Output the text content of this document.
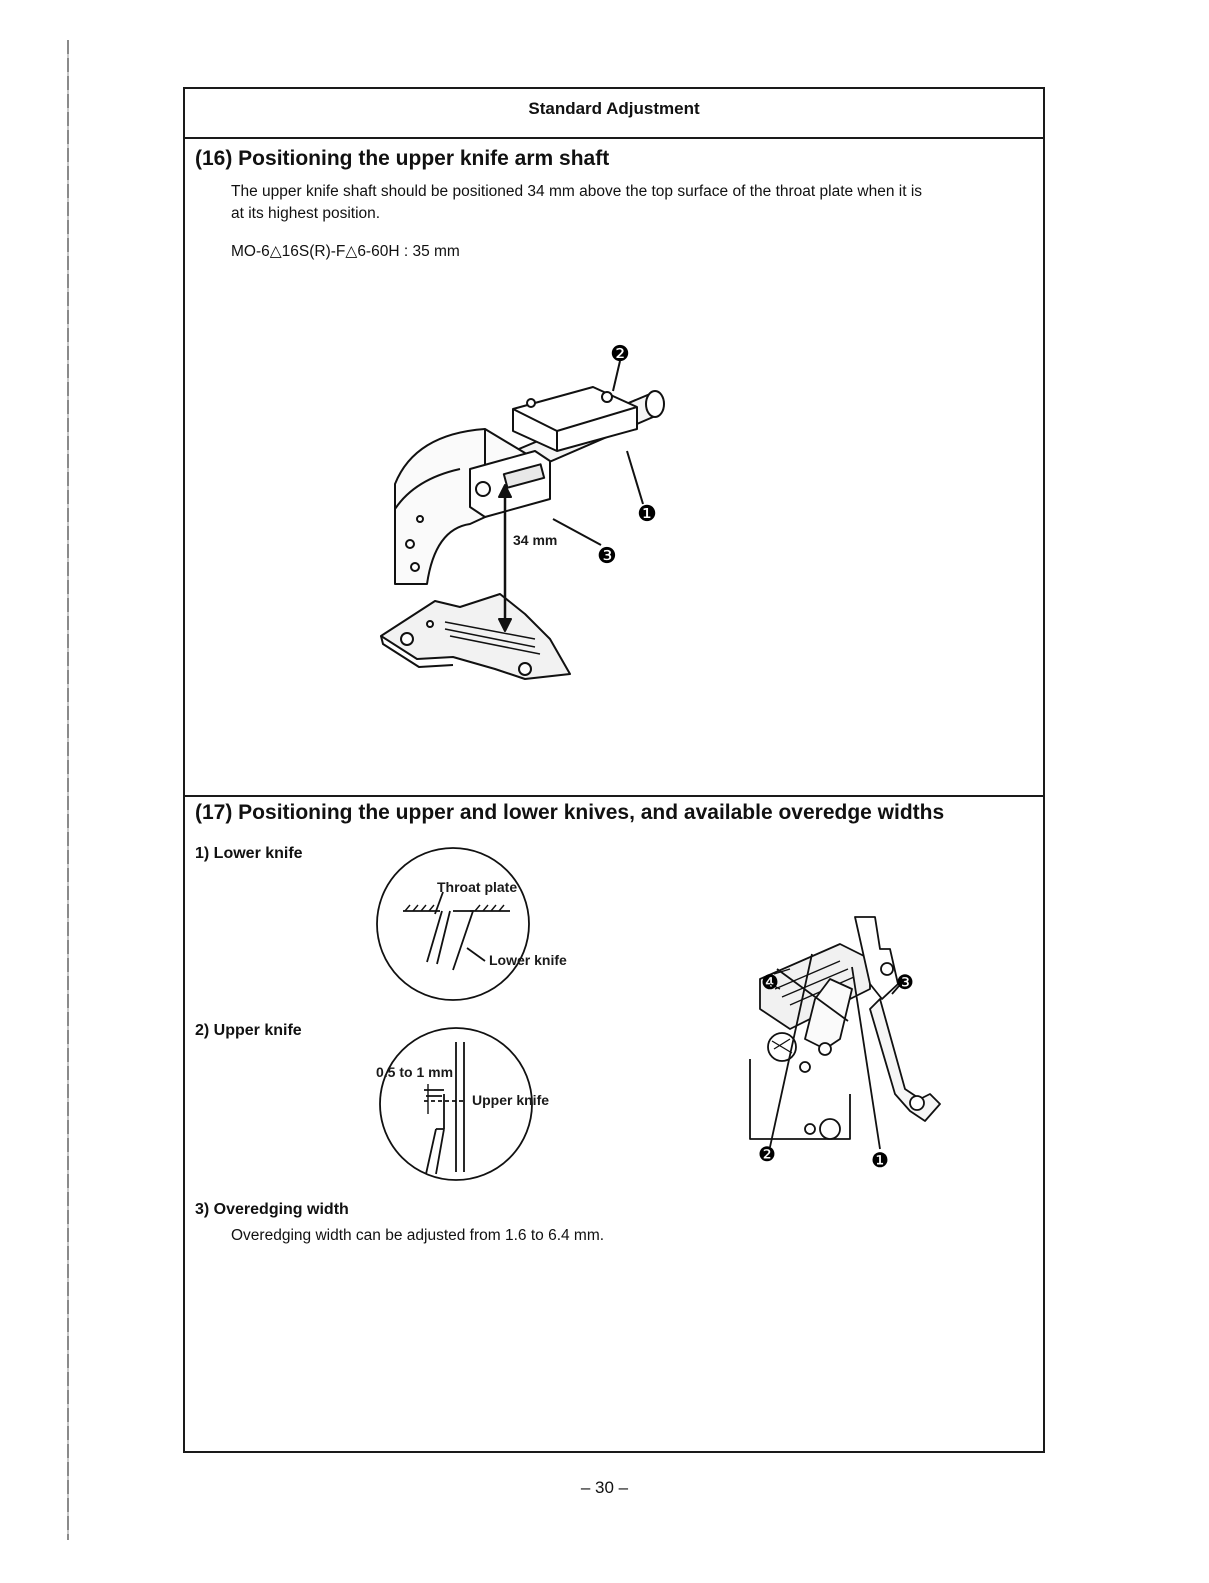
Standard Adjustment
(16) Positioning the upper knife arm shaft
The upper knife shaft should be positioned 34 mm above the top surface of the throat plate when it is
at its highest position.
MO-6△16S(R)-F△6-60H : 35 mm
34 mm
❷
❶
❸
(17) Positioning the upper and lower knives, and available overedge widths
1) Lower knife
Throat plate
Lower knife
2) Upper knife
0.5 to 1 mm
Upper knife
❹	❸
❷	❶
3) Overedging width
Overedging width can be adjusted from 1.6 to 6.4 mm.
– 30 –
